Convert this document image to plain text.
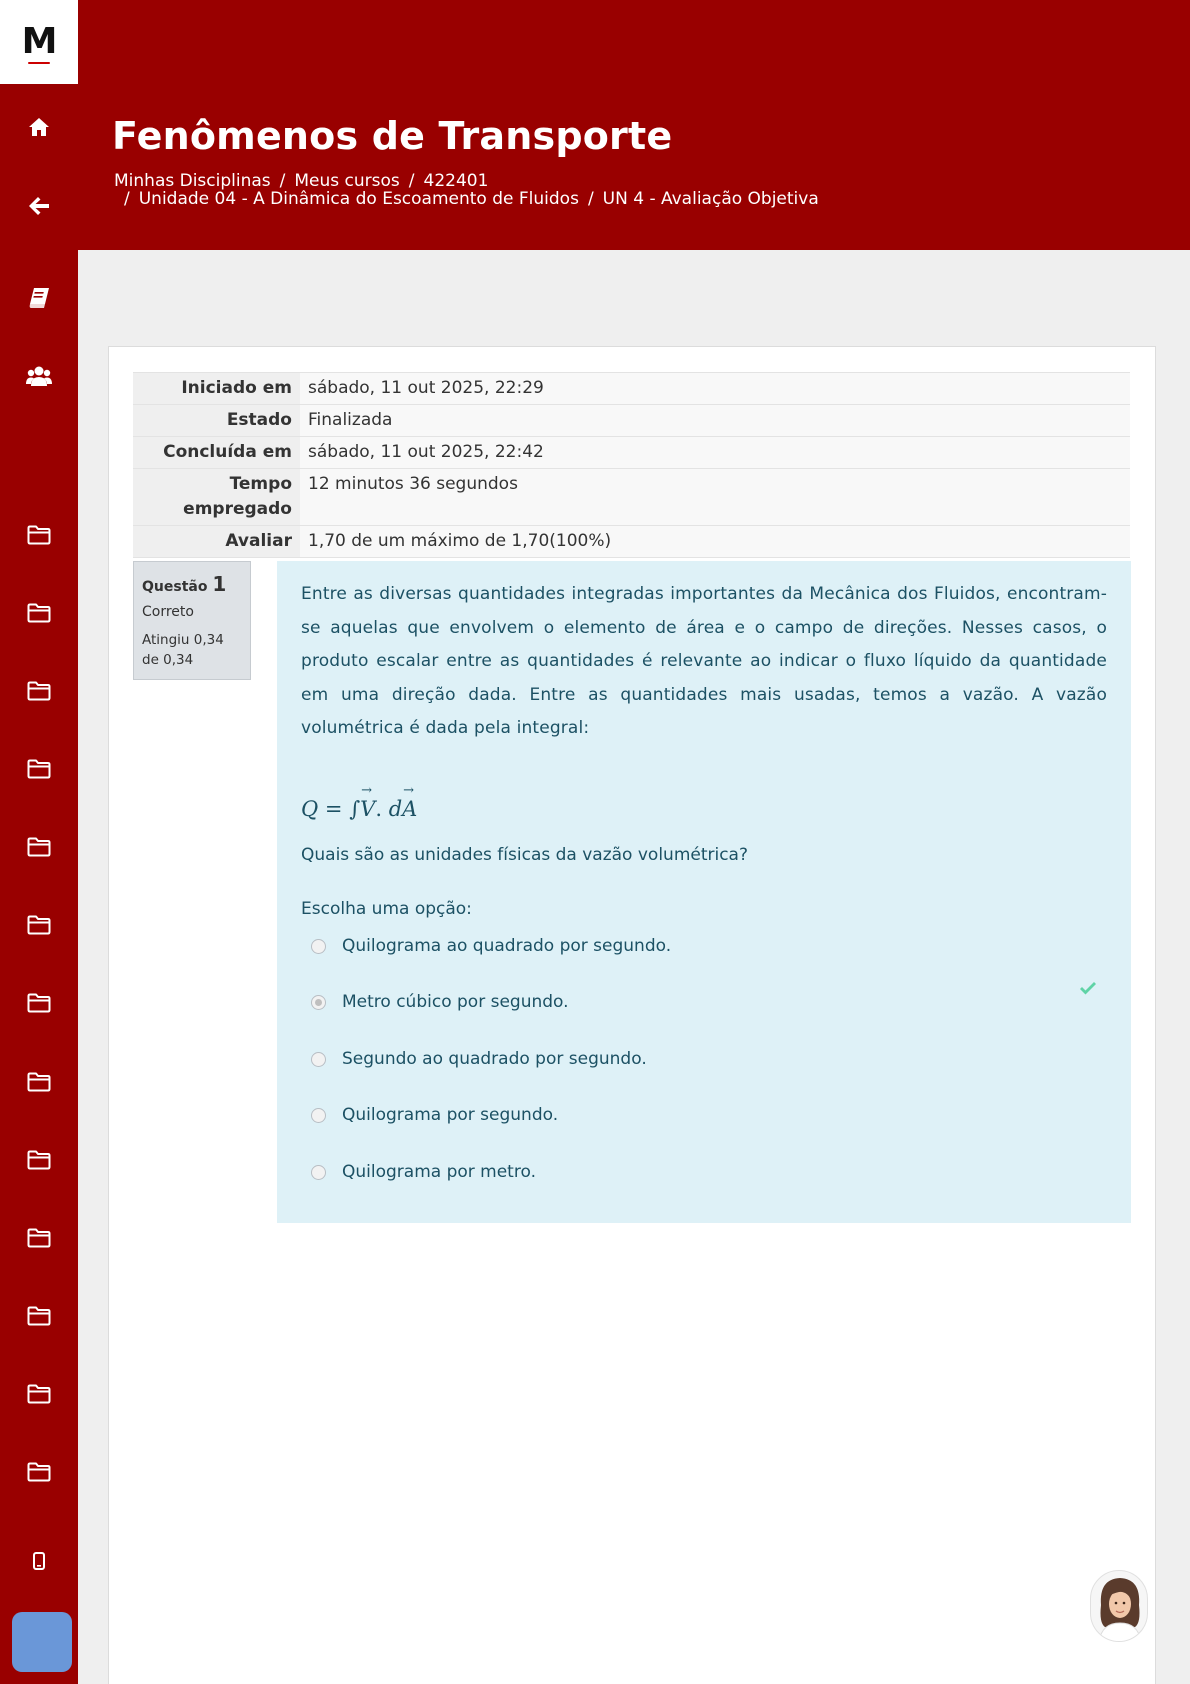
M
Fenômenos de Transporte
Minhas Disciplinas / Meus cursos / 422401
/ Unidade 04 - A Dinâmica do Escoamento de Fluidos / UN 4 - Avaliação Objetiva
Iniciado em	sábado, 11 out 2025, 22:29
Estado	Finalizada
Concluída em	sábado, 11 out 2025, 22:42
Tempo empregado	12 minutos 36 segundos
Avaliar	1,70 de um máximo de 1,70(100%)
Questão 1
Correto
Atingiu 0,34 de 0,34
Entre as diversas quantidades integradas importantes da Mecânica dos Fluidos, encontram-se aquelas que envolvem o elemento de área e o campo de direções. Nesses casos, o produto escalar entre as quantidades é relevante ao indicar o fluxo líquido da quantidade em uma direção dada. Entre as quantidades mais usadas, temos a vazão. A vazão volumétrica é dada pela integral:
Q = ∫→ V. d→ A
Quais são as unidades físicas da vazão volumétrica?
Escolha uma opção:
Quilograma ao quadrado por segundo.
Metro cúbico por segundo.
Segundo ao quadrado por segundo.
Quilograma por segundo.
Quilograma por metro.
